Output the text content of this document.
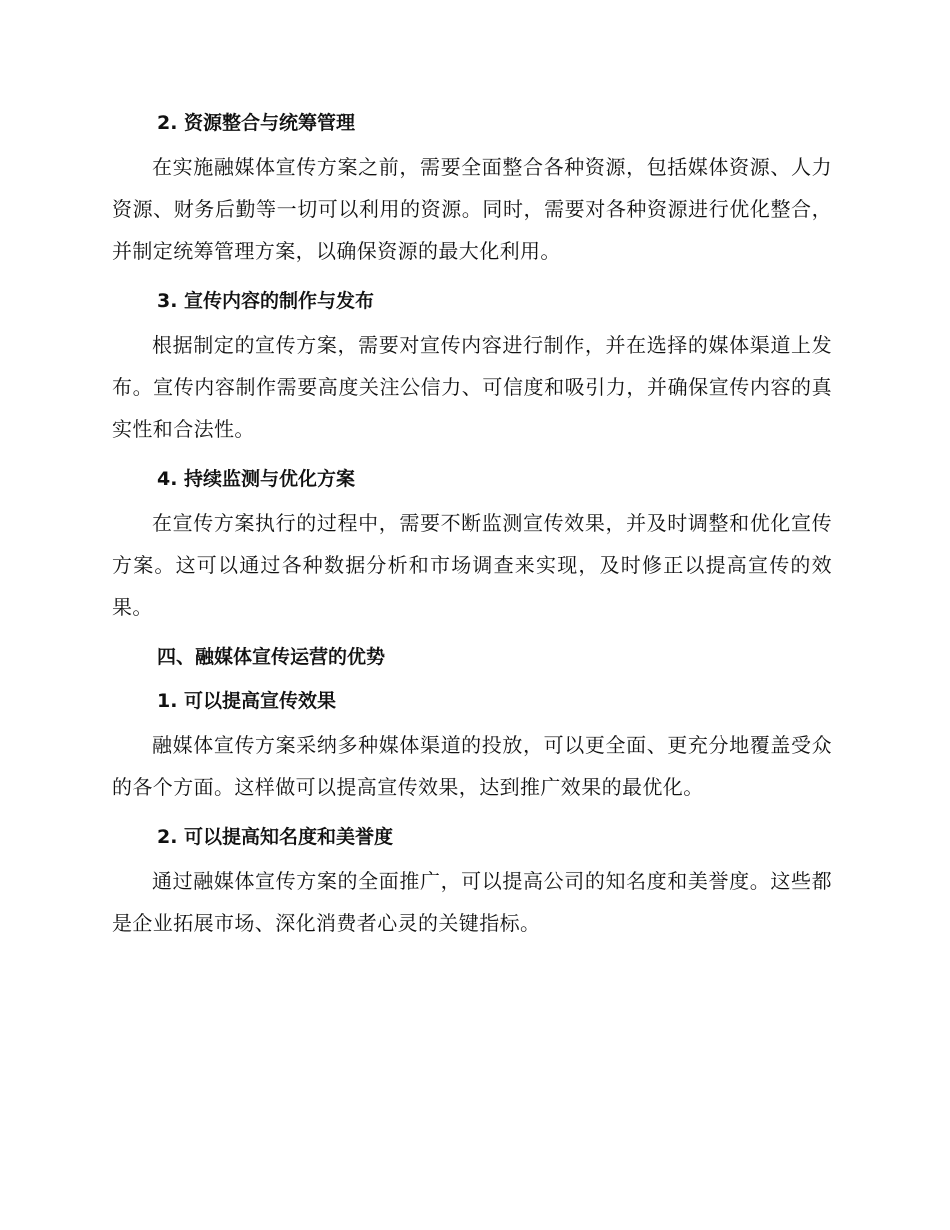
2. 资源整合与统筹管理

在实施融媒体宣传方案之前，需要全面整合各种资源，包括媒体资源、人力资源、财务后勤等一切可以利用的资源。同时，需要对各种资源进行优化整合，并制定统筹管理方案，以确保资源的最大化利用。

3. 宣传内容的制作与发布

根据制定的宣传方案，需要对宣传内容进行制作，并在选择的媒体渠道上发布。宣传内容制作需要高度关注公信力、可信度和吸引力，并确保宣传内容的真实性和合法性。

4. 持续监测与优化方案

在宣传方案执行的过程中，需要不断监测宣传效果，并及时调整和优化宣传方案。这可以通过各种数据分析和市场调查来实现，及时修正以提高宣传的效果。

四、融媒体宣传运营的优势
1. 可以提高宣传效果

融媒体宣传方案采纳多种媒体渠道的投放，可以更全面、更充分地覆盖受众的各个方面。这样做可以提高宣传效果，达到推广效果的最优化。

2. 可以提高知名度和美誉度

通过融媒体宣传方案的全面推广，可以提高公司的知名度和美誉度。这些都是企业拓展市场、深化消费者心灵的关键指标。
